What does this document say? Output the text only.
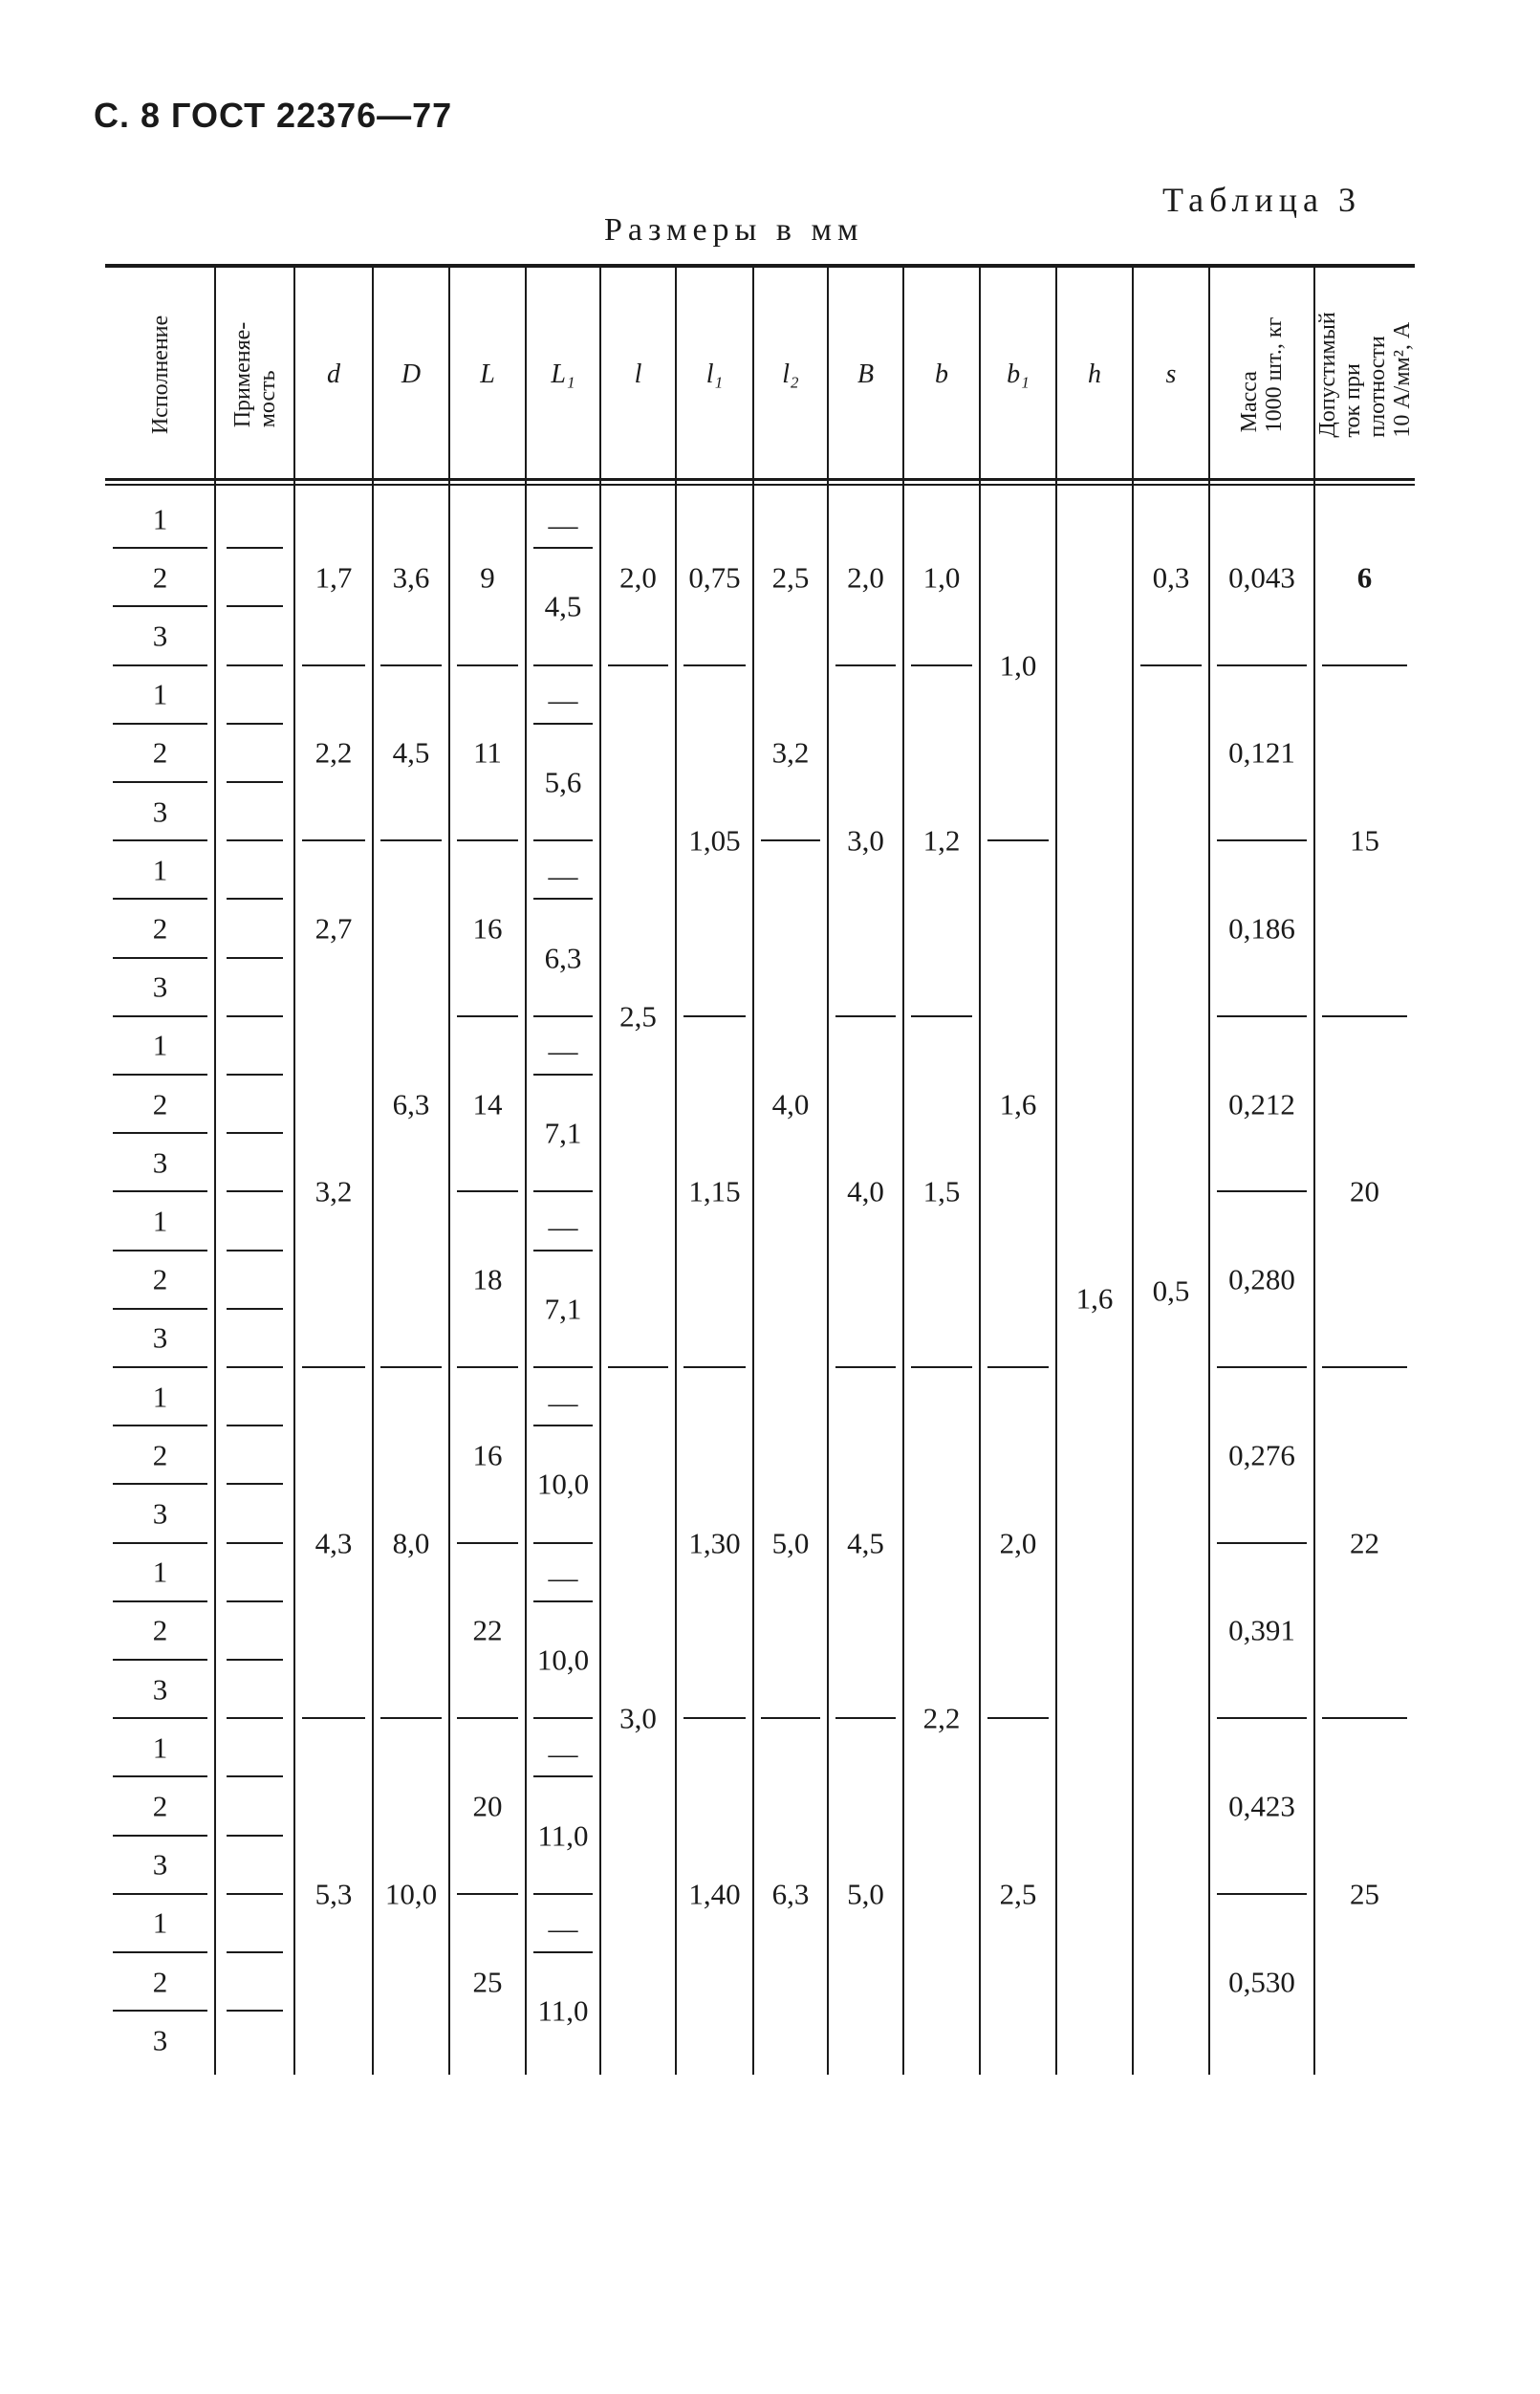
С. 8 ГОСТ 22376—77
Таблица 3
Размеры в мм
d D L L₁ l l₁ l₂ B b b₁ h s
Исполнение	Применяе-
мость	Масса
1000 шт., кг Допустимый
ток при
плотности
10 А/мм², А
1
2
3
1
2
3
1
2
3
1
2
3
1
2
3
1
2
3
1
2
3
1
2
3
1
2
3
1,7
2,2
2,7
3,2
4,3
5,3
3,6
4,5
6,3
8,0
10,0
9
11
16
14
18
16
22
20
25
—
4,5
—
5,6
—
6,3
—
7,1
—
7,1
—
10,0
—
10,0
—
11,0
—
11,0
2,0
2,5
3,0
0,75
1,05
1,15
1,30
1,40
2,5
3,2
4,0
5,0
6,3
2,0
3,0
4,0
4,5
5,0
1,0
1,2
1,5
2,2
1,0
1,6
2,0
2,5
1,6
0,3
0,5
0,043
0,121
0,186
0,212
0,280
0,276
0,391
0,423
0,530
6
15
20
22
25
